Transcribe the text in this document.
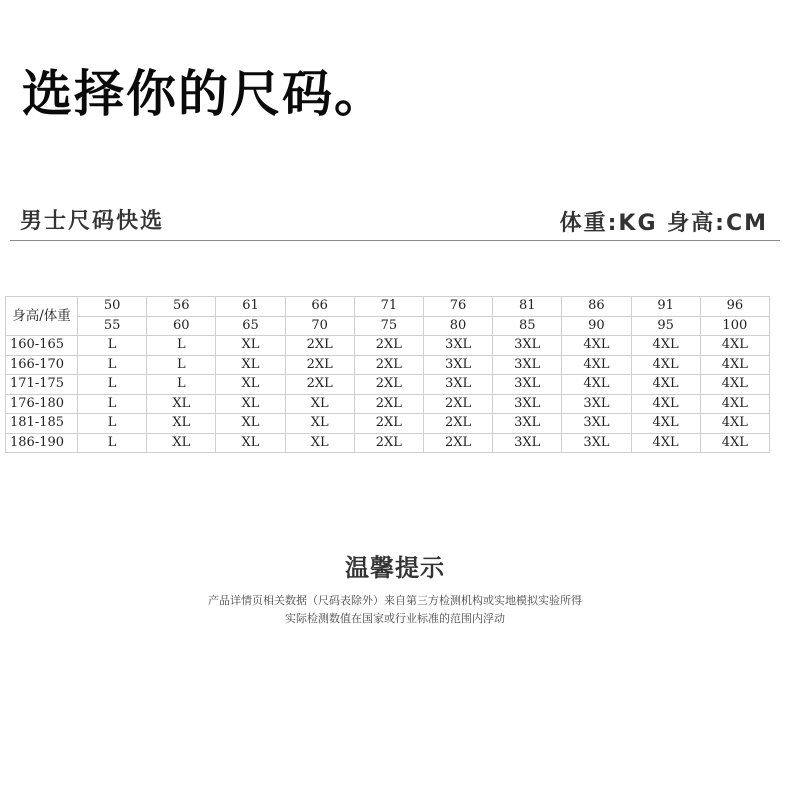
选择你的尺码。
男士尺码快选	体重:KG 身高:CM
身高/体重	50	56	61	66	71	76	81	86	91	96
	55	60	65	70	75	80	85	90	95	100
160-165	L	L	XL	2XL	2XL	3XL	3XL	4XL	4XL	4XL
166-170	L	L	XL	2XL	2XL	3XL	3XL	4XL	4XL	4XL
171-175	L	L	XL	2XL	2XL	3XL	3XL	4XL	4XL	4XL
176-180	L	XL	XL	XL	2XL	2XL	3XL	3XL	4XL	4XL
181-185	L	XL	XL	XL	2XL	2XL	3XL	3XL	4XL	4XL
186-190	L	XL	XL	XL	2XL	2XL	3XL	3XL	4XL	4XL
温馨提示
产品详情页相关数据（尺码表除外）来自第三方检测机构或实地模拟实验所得
实际检测数值在国家或行业标准的范围内浮动
